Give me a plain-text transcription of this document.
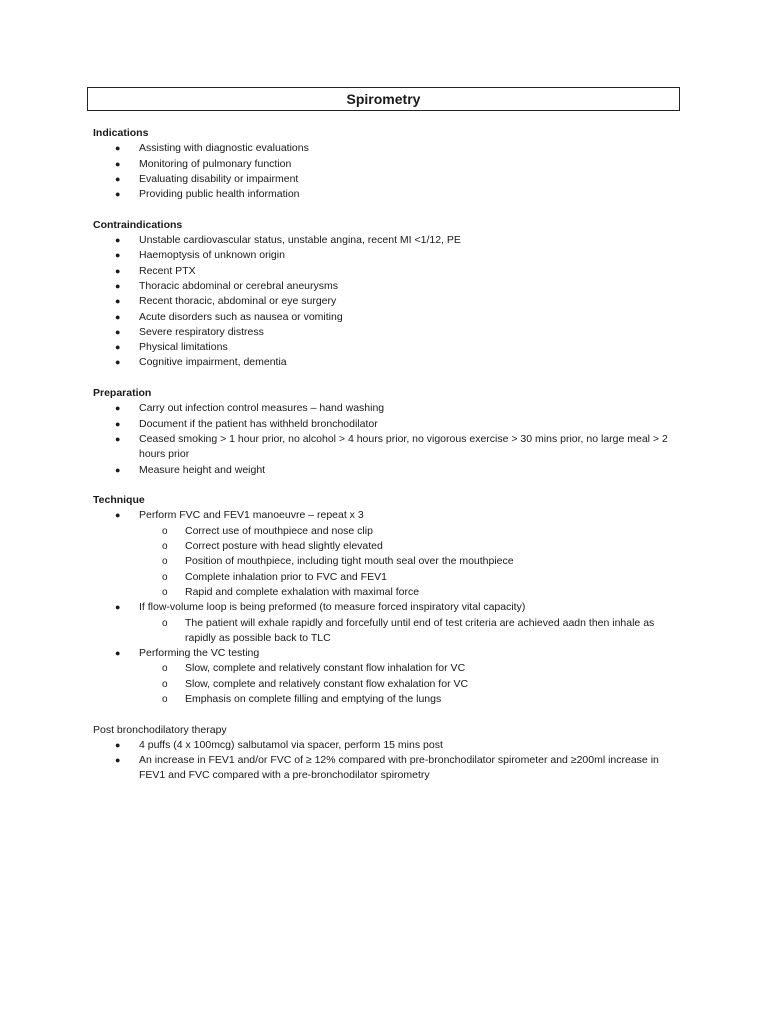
Spirometry
Indications
● Assisting with diagnostic evaluations
● Monitoring of pulmonary function
● Evaluating disability or impairment
● Providing public health information
Contraindications
● Unstable cardiovascular status, unstable angina, recent MI <1/12, PE
● Haemoptysis of unknown origin
● Recent PTX
● Thoracic abdominal or cerebral aneurysms
● Recent thoracic, abdominal or eye surgery
● Acute disorders such as nausea or vomiting
● Severe respiratory distress
● Physical limitations
● Cognitive impairment, dementia
Preparation
● Carry out infection control measures – hand washing
● Document if the patient has withheld bronchodilator
● Ceased smoking > 1 hour prior, no alcohol > 4 hours prior, no vigorous exercise > 30 mins prior, no large meal > 2 hours prior
● Measure height and weight
Technique
● Perform FVC and FEV1 manoeuvre – repeat x 3
o Correct use of mouthpiece and nose clip
o Correct posture with head slightly elevated
o Position of mouthpiece, including tight mouth seal over the mouthpiece
o Complete inhalation prior to FVC and FEV1
o Rapid and complete exhalation with maximal force
● If flow-volume loop is being preformed (to measure forced inspiratory vital capacity)
o The patient will exhale rapidly and forcefully until end of test criteria are achieved aadn then inhale as rapidly as possible back to TLC
● Performing the VC testing
o Slow, complete and relatively constant flow inhalation for VC
o Slow, complete and relatively constant flow exhalation for VC
o Emphasis on complete filling and emptying of the lungs
Post bronchodilatory therapy
● 4 puffs (4 x 100mcg) salbutamol via spacer, perform 15 mins post
● An increase in FEV1 and/or FVC of ≥ 12% compared with pre-bronchodilator spirometer and ≥200ml increase in FEV1 and FVC compared with a pre-bronchodilator spirometry
